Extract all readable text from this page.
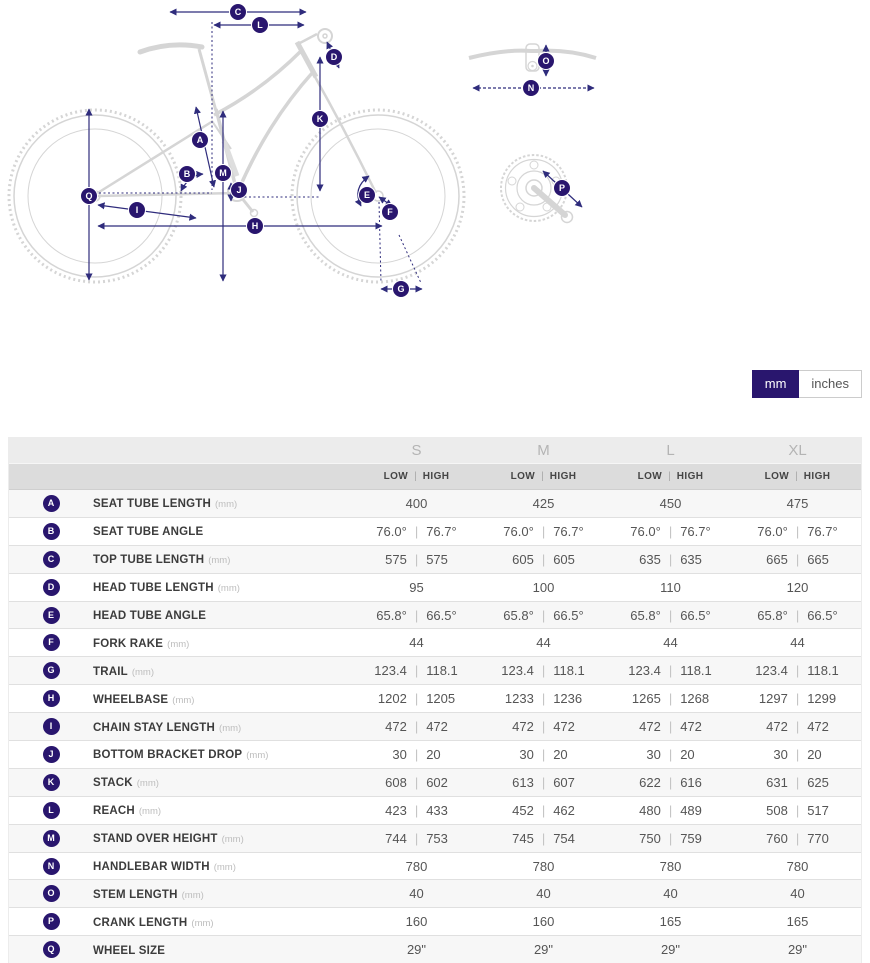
A
B
C
D
E
F
G
H
I
J
K
L
M
N
O
P
Q
mm	inches
S	M	L	XL
LOW | HIGH	LOW | HIGH	LOW | HIGH	LOW | HIGH
A	SEAT TUBE LENGTH (mm)	400	425	450	475
B	SEAT TUBE ANGLE	76.0° | 76.7°	76.0° | 76.7°	76.0° | 76.7°	76.0° | 76.7°
C	TOP TUBE LENGTH (mm)	575 | 575	605 | 605	635 | 635	665 | 665
D	HEAD TUBE LENGTH (mm)	95	100	110	120
E	HEAD TUBE ANGLE	65.8° | 66.5°	65.8° | 66.5°	65.8° | 66.5°	65.8° | 66.5°
F	FORK RAKE (mm)	44	44	44	44
G	TRAIL (mm)	123.4 | 118.1	123.4 | 118.1	123.4 | 118.1	123.4 | 118.1
H	WHEELBASE (mm)	1202 | 1205	1233 | 1236	1265 | 1268	1297 | 1299
I	CHAIN STAY LENGTH (mm)	472 | 472	472 | 472	472 | 472	472 | 472
J	BOTTOM BRACKET DROP (mm)	30 | 20	30 | 20	30 | 20	30 | 20
K	STACK (mm)	608 | 602	613 | 607	622 | 616	631 | 625
L	REACH (mm)	423 | 433	452 | 462	480 | 489	508 | 517
M	STAND OVER HEIGHT (mm)	744 | 753	745 | 754	750 | 759	760 | 770
N	HANDLEBAR WIDTH (mm)	780	780	780	780
O	STEM LENGTH (mm)	40	40	40	40
P	CRANK LENGTH (mm)	160	160	165	165
Q	WHEEL SIZE	29"	29"	29"	29"
